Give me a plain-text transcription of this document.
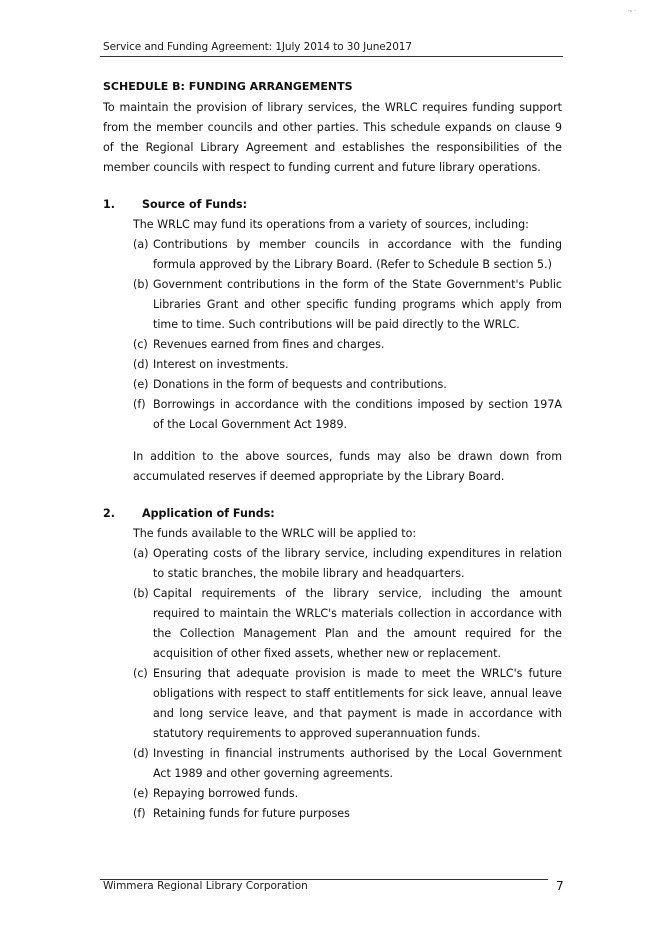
·› ·
Service and Funding Agreement: 1July 2014 to 30 June2017
SCHEDULE B: FUNDING ARRANGEMENTS

To maintain the provision of library services, the WRLC requires funding support from the member councils and other parties. This schedule expands on clause 9 of the Regional Library Agreement and establishes the responsibilities of the member councils with respect to funding current and future library operations.

1. Source of Funds:

The WRLC may fund its operations from a variety of sources, including:

(a) Contributions by member councils in accordance with the funding formula approved by the Library Board. (Refer to Schedule B section 5.)
(b) Government contributions in the form of the State Government's Public Libraries Grant and other specific funding programs which apply from time to time. Such contributions will be paid directly to the WRLC.
(c) Revenues earned from fines and charges.
(d) Interest on investments.
(e) Donations in the form of bequests and contributions.
(f) Borrowings in accordance with the conditions imposed by section 197A of the Local Government Act 1989.

In addition to the above sources, funds may also be drawn down from accumulated reserves if deemed appropriate by the Library Board.

2. Application of Funds:

The funds available to the WRLC will be applied to:

(a) Operating costs of the library service, including expenditures in relation to static branches, the mobile library and headquarters.
(b) Capital requirements of the library service, including the amount required to maintain the WRLC's materials collection in accordance with the Collection Management Plan and the amount required for the acquisition of other fixed assets, whether new or replacement.
(c) Ensuring that adequate provision is made to meet the WRLC's future obligations with respect to staff entitlements for sick leave, annual leave and long service leave, and that payment is made in accordance with statutory requirements to approved superannuation funds.
(d) Investing in financial instruments authorised by the Local Government Act 1989 and other governing agreements.
(e) Repaying borrowed funds.
(f) Retaining funds for future purposes
Wimmera Regional Library Corporation	7
